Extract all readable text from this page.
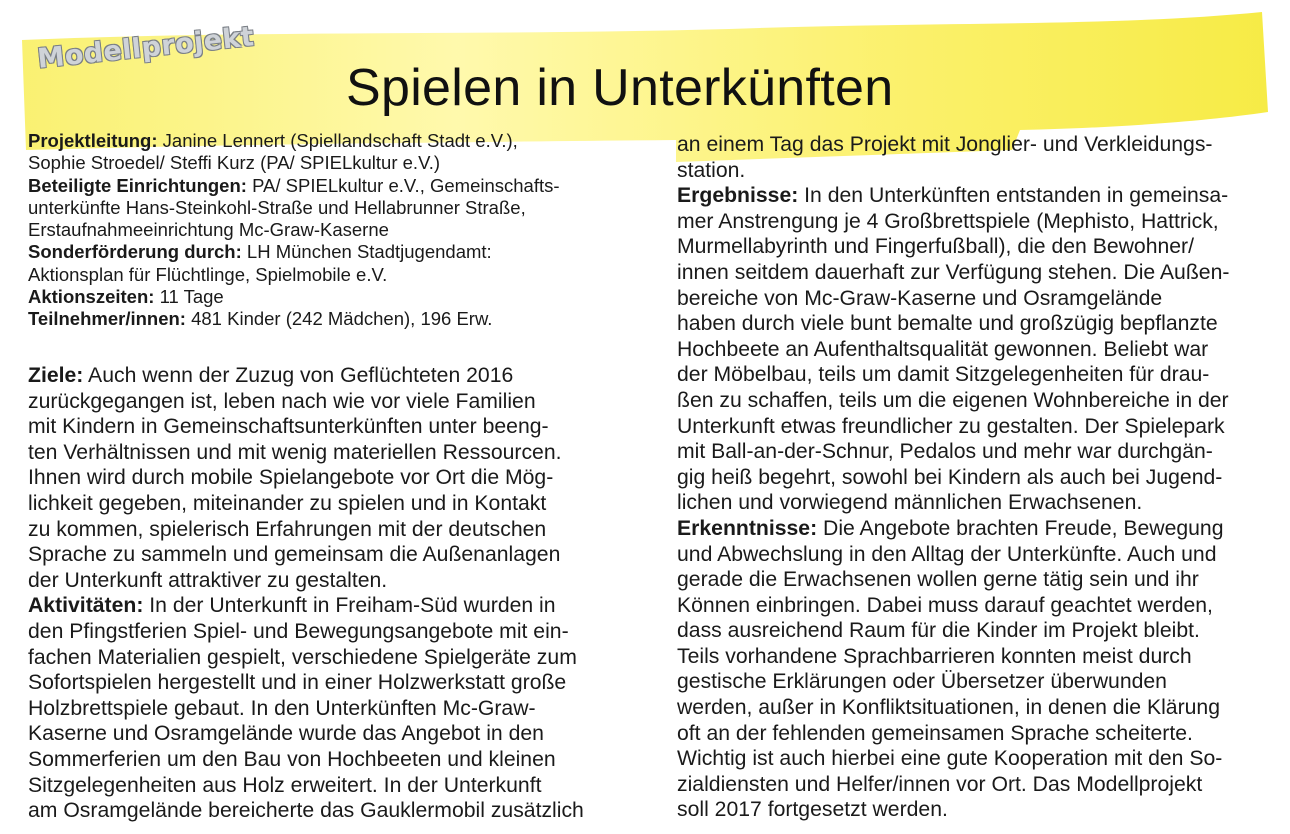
Modellprojekt
Spielen in Unterkünften

Projektleitung: Janine Lennert (Spiellandschaft Stadt e.V.),
Sophie Stroedel/ Steffi Kurz (PA/ SPIELkultur e.V.)

Beteiligte Einrichtungen: PA/ SPIELkultur e.V., Gemeinschafts-
unterkünfte Hans-Steinkohl-Straße und Hellabrunner Straße,
Erstaufnahmeeinrichtung Mc-Graw-Kaserne

Sonderförderung durch: LH München Stadtjugendamt:
Aktionsplan für Flüchtlinge, Spielmobile e.V.

Aktionszeiten: 11 Tage

Teilnehmer/innen: 481 Kinder (242 Mädchen), 196 Erw.

Ziele: Auch wenn der Zuzug von Geflüchteten 2016
zurückgegangen ist, leben nach wie vor viele Familien
mit Kindern in Gemeinschaftsunterkünften unter beeng-
ten Verhältnissen und mit wenig materiellen Ressourcen.
Ihnen wird durch mobile Spielangebote vor Ort die Mög-
lichkeit gegeben, miteinander zu spielen und in Kontakt
zu kommen, spielerisch Erfahrungen mit der deutschen
Sprache zu sammeln und gemeinsam die Außenanlagen
der Unterkunft attraktiver zu gestalten.

Aktivitäten: In der Unterkunft in Freiham-Süd wurden in
den Pfingstferien Spiel- und Bewegungsangebote mit ein-
fachen Materialien gespielt, verschiedene Spielgeräte zum
Sofortspielen hergestellt und in einer Holzwerkstatt große
Holzbrettspiele gebaut. In den Unterkünften Mc-Graw-
Kaserne und Osramgelände wurde das Angebot in den
Sommerferien um den Bau von Hochbeeten und kleinen
Sitzgelegenheiten aus Holz erweitert. In der Unterkunft
am Osramgelände bereicherte das Gauklermobil zusätzlich

an einem Tag das Projekt mit Jonglier- und Verkleidungs-
station.

Ergebnisse: In den Unterkünften entstanden in gemeinsa-
mer Anstrengung je 4 Großbrettspiele (Mephisto, Hattrick,
Murmellabyrinth und Fingerfußball), die den Bewohner/
innen seitdem dauerhaft zur Verfügung stehen. Die Außen-
bereiche von Mc-Graw-Kaserne und Osramgelände
haben durch viele bunt bemalte und großzügig bepflanzte
Hochbeete an Aufenthaltsqualität gewonnen. Beliebt war
der Möbelbau, teils um damit Sitzgelegenheiten für drau-
ßen zu schaffen, teils um die eigenen Wohnbereiche in der
Unterkunft etwas freundlicher zu gestalten. Der Spielepark
mit Ball-an-der-Schnur, Pedalos und mehr war durchgän-
gig heiß begehrt, sowohl bei Kindern als auch bei Jugend-
lichen und vorwiegend männlichen Erwachsenen.

Erkenntnisse: Die Angebote brachten Freude, Bewegung
und Abwechslung in den Alltag der Unterkünfte. Auch und
gerade die Erwachsenen wollen gerne tätig sein und ihr
Können einbringen. Dabei muss darauf geachtet werden,
dass ausreichend Raum für die Kinder im Projekt bleibt.
Teils vorhandene Sprachbarrieren konnten meist durch
gestische Erklärungen oder Übersetzer überwunden
werden, außer in Konfliktsituationen, in denen die Klärung
oft an der fehlenden gemeinsamen Sprache scheiterte.
Wichtig ist auch hierbei eine gute Kooperation mit den So-
zialdiensten und Helfer/innen vor Ort. Das Modellprojekt
soll 2017 fortgesetzt werden.
